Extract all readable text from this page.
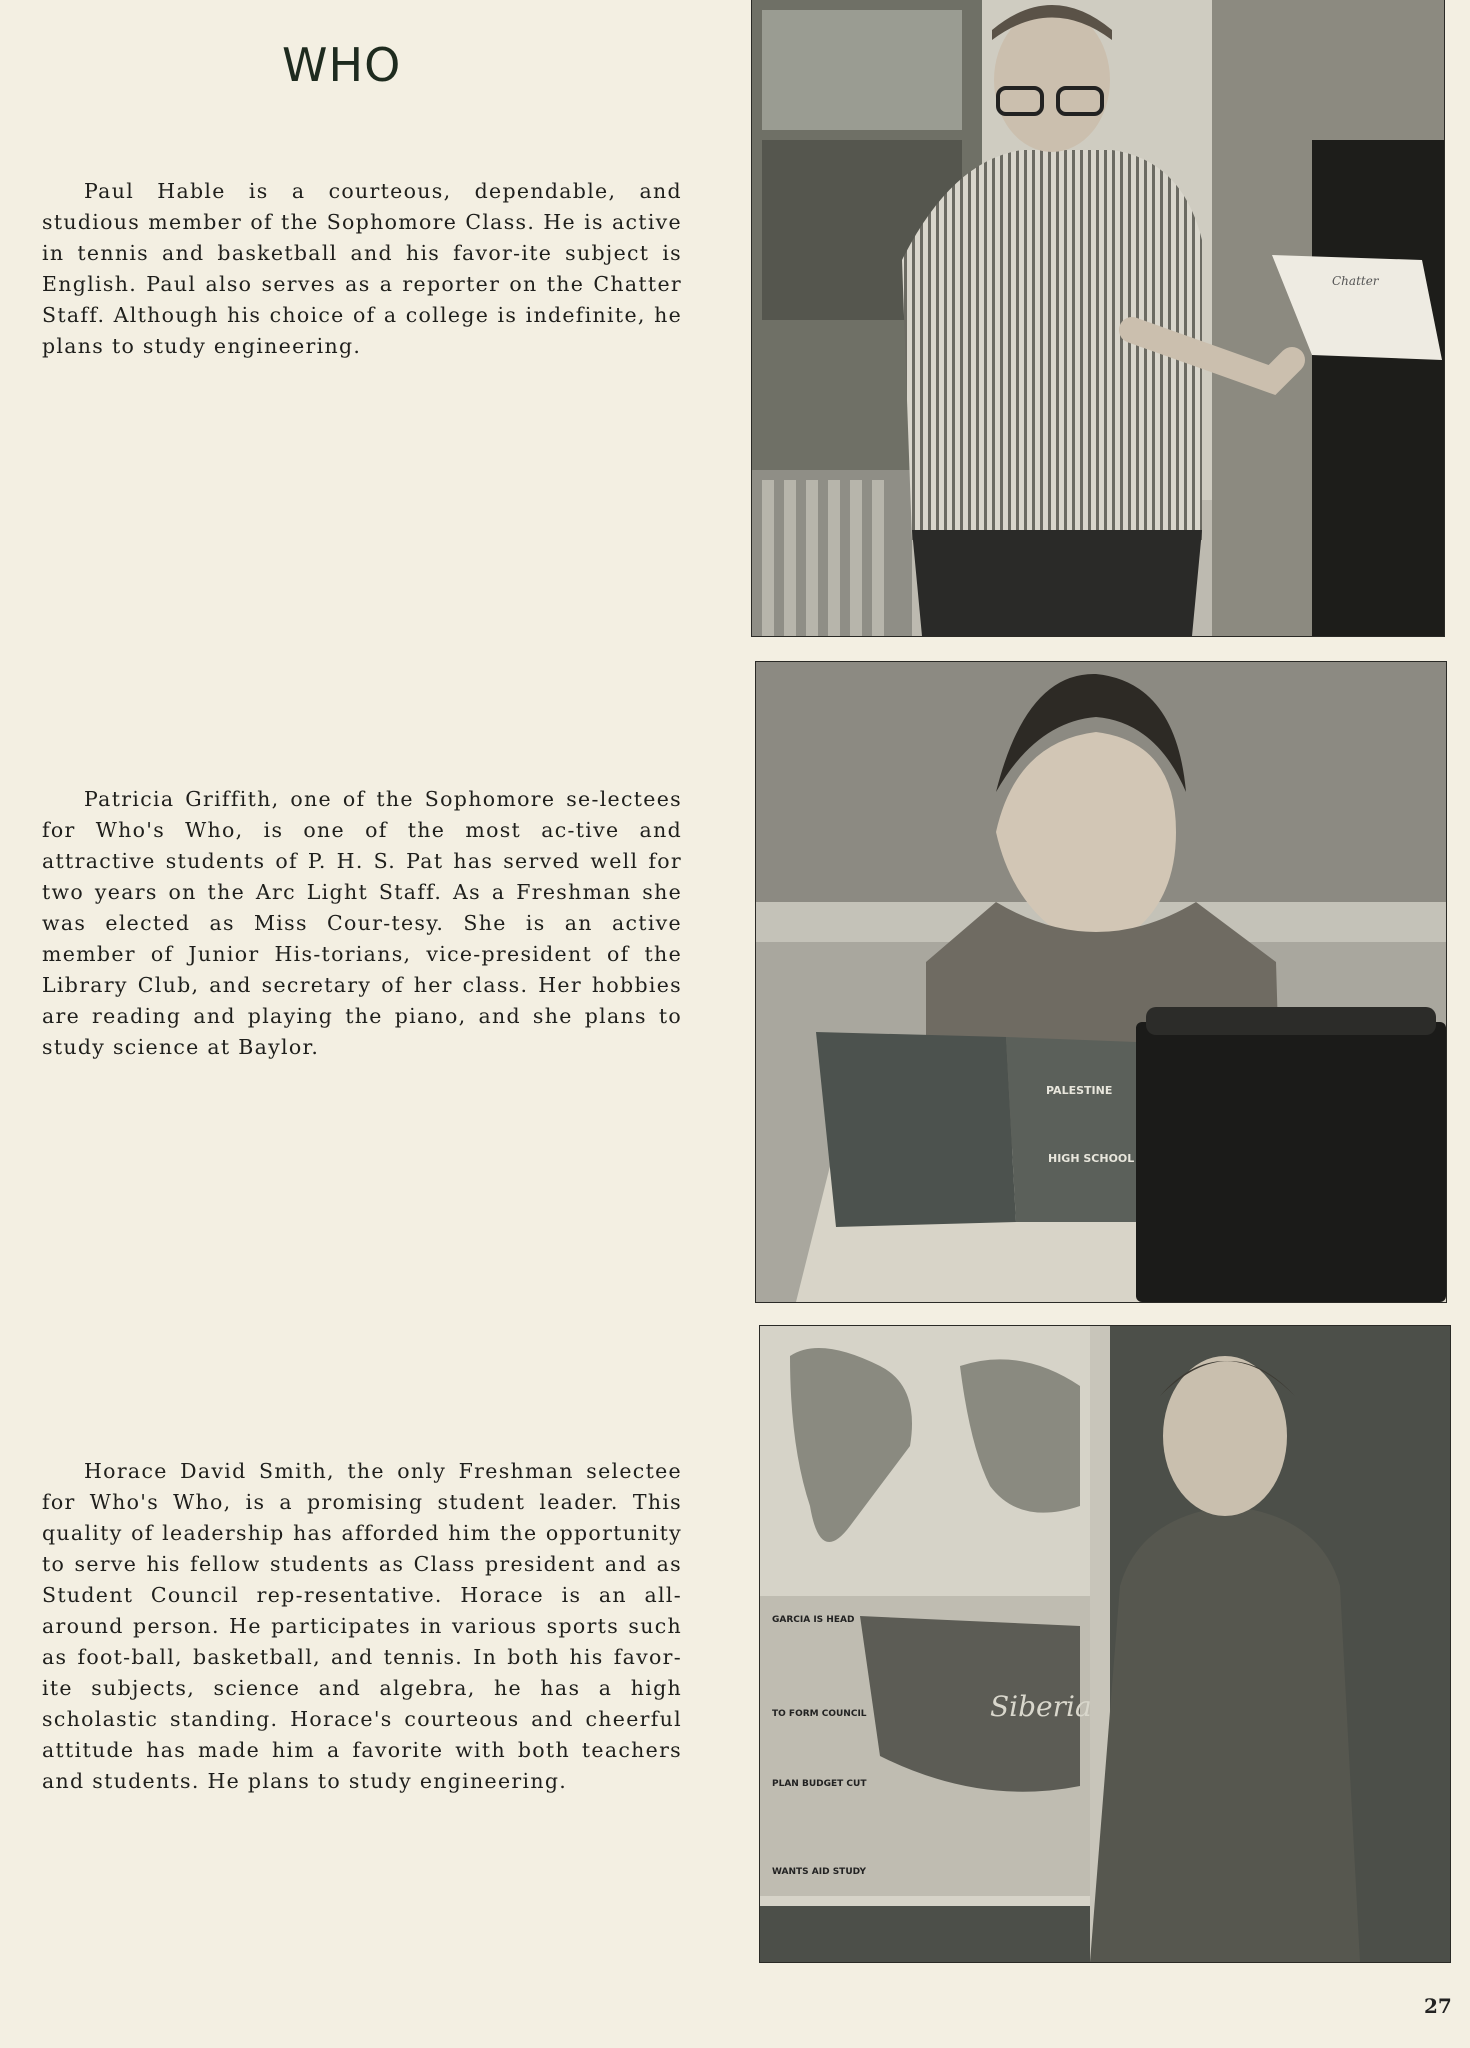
WHO

Paul Hable is a courteous, dependable, and studious member of the Sophomore Class. He is active in tennis and basketball and his favor-ite subject is English. Paul also serves as a reporter on the Chatter Staff. Although his choice of a college is indefinite, he plans to study engineering.

Patricia Griffith, one of the Sophomore se-lectees for Who's Who, is one of the most ac-tive and attractive students of P. H. S. Pat has served well for two years on the Arc Light Staff. As a Freshman she was elected as Miss Cour-tesy. She is an active member of Junior His-torians, vice-president of the Library Club, and secretary of her class. Her hobbies are reading and playing the piano, and she plans to study science at Baylor.

Horace David Smith, the only Freshman selectee for Who's Who, is a promising student leader. This quality of leadership has afforded him the opportunity to serve his fellow students as Class president and as Student Council rep-resentative. Horace is an all-around person. He participates in various sports such as foot-ball, basketball, and tennis. In both his favor-ite subjects, science and algebra, he has a high scholastic standing. Horace's courteous and cheerful attitude has made him a favorite with both teachers and students. He plans to study engineering.

Chatter
PALESTINE
HIGH SCHOOL
Siberia
GARCIA IS HEAD
TO FORM COUNCIL
PLAN BUDGET CUT
WANTS AID STUDY
27
